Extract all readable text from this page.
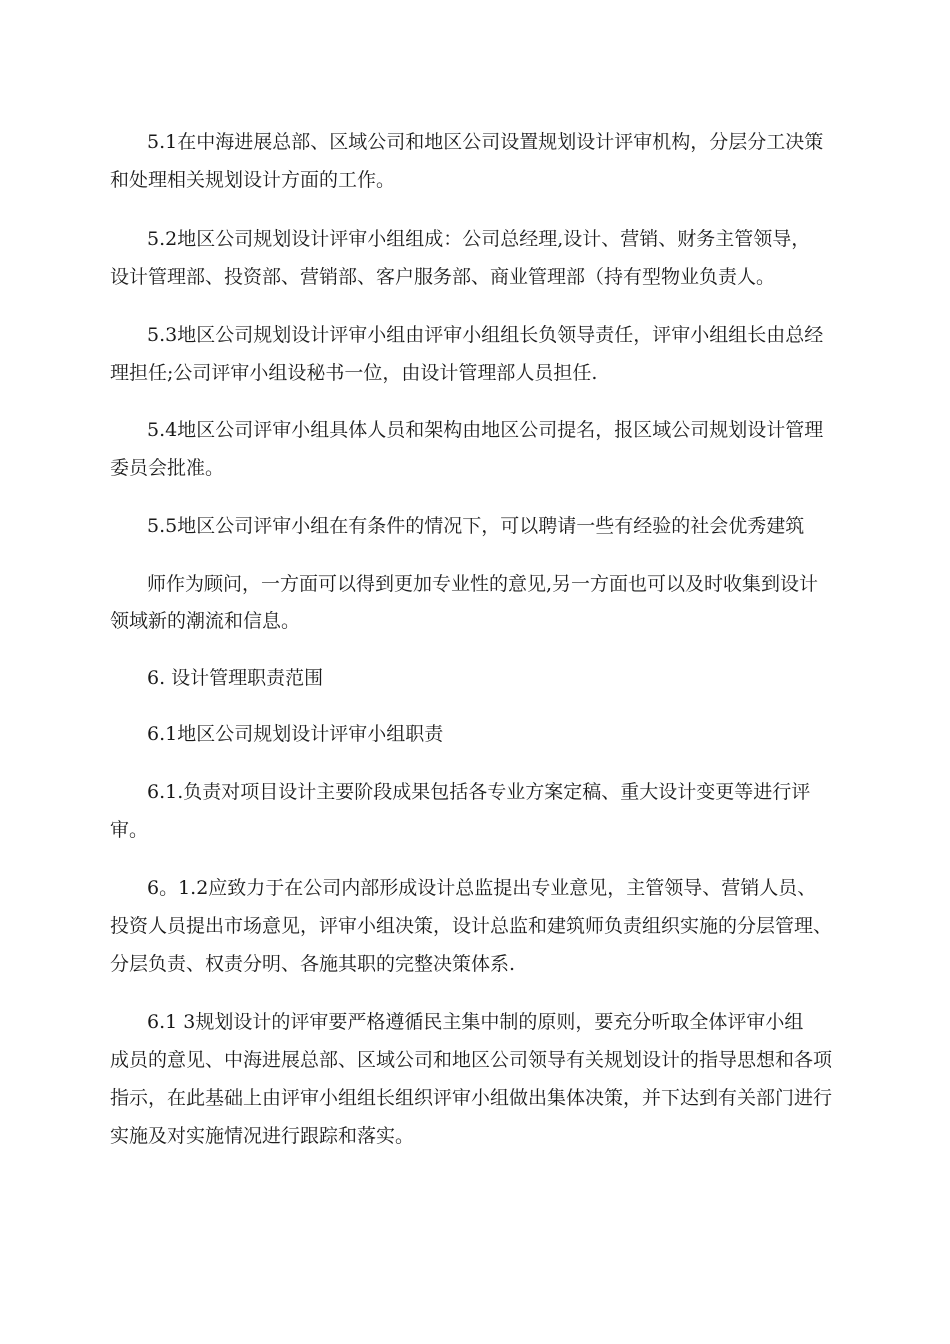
5.1在中海进展总部、区域公司和地区公司设置规划设计评审机构，分层分工决策
和处理相关规划设计方面的工作。
5.2地区公司规划设计评审小组组成：公司总经理,设计、营销、财务主管领导，
设计管理部、投资部、营销部、客户服务部、商业管理部（持有型物业负责人。
5.3地区公司规划设计评审小组由评审小组组长负领导责任，评审小组组长由总经
理担任;公司评审小组设秘书一位，由设计管理部人员担任.
5.4地区公司评审小组具体人员和架构由地区公司提名，报区域公司规划设计管理
委员会批准。
5.5地区公司评审小组在有条件的情况下，可以聘请一些有经验的社会优秀建筑
师作为顾问，一方面可以得到更加专业性的意见,另一方面也可以及时收集到设计
领域新的潮流和信息。
6. 设计管理职责范围
6.1地区公司规划设计评审小组职责
6.1.负责对项目设计主要阶段成果包括各专业方案定稿、重大设计变更等进行评
审。
6。1.2应致力于在公司内部形成设计总监提出专业意见，主管领导、营销人员、
投资人员提出市场意见，评审小组决策，设计总监和建筑师负责组织实施的分层管理、
分层负责、权责分明、各施其职的完整决策体系.
6.1 3规划设计的评审要严格遵循民主集中制的原则，要充分听取全体评审小组
成员的意见、中海进展总部、区域公司和地区公司领导有关规划设计的指导思想和各项
指示，在此基础上由评审小组组长组织评审小组做出集体决策，并下达到有关部门进行
实施及对实施情况进行跟踪和落实。
